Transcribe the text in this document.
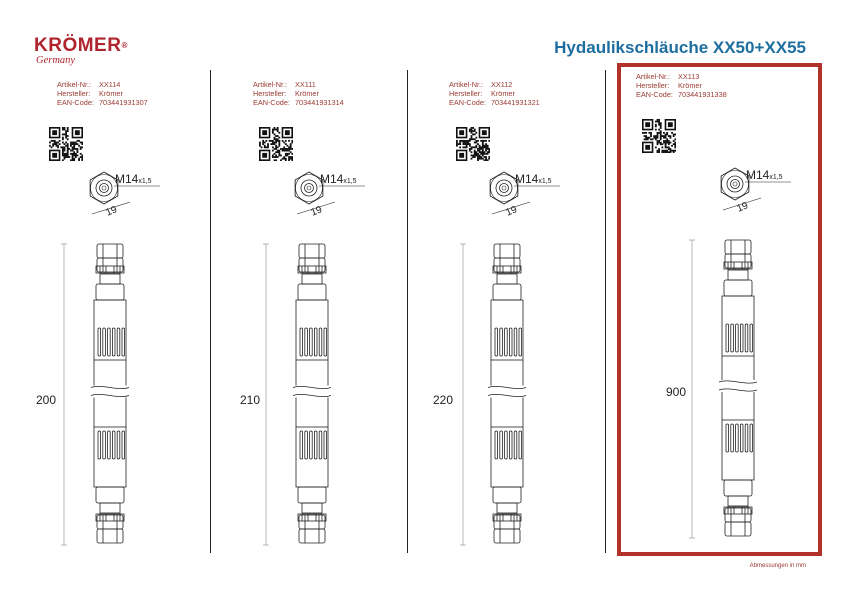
KRÖMER®
Germany
Hydaulikschläuche XX50+XX55
Artikel-Nr.:	XX114
Hersteller:	Krömer
EAN-Code: 703441931307
M14x1,5
19
200
Artikel-Nr.:	XX111
Hersteller:	Krömer
EAN-Code: 703441931314
M14x1,5
19
210
Artikel-Nr.:	XX112
Hersteller:	Krömer
EAN-Code: 703441931321
M14x1,5
19
220
Artikel-Nr.:	XX113
Hersteller:	Krömer
EAN-Code: 703441931338
M14x1,5
19
900
Abmessungen in mm
